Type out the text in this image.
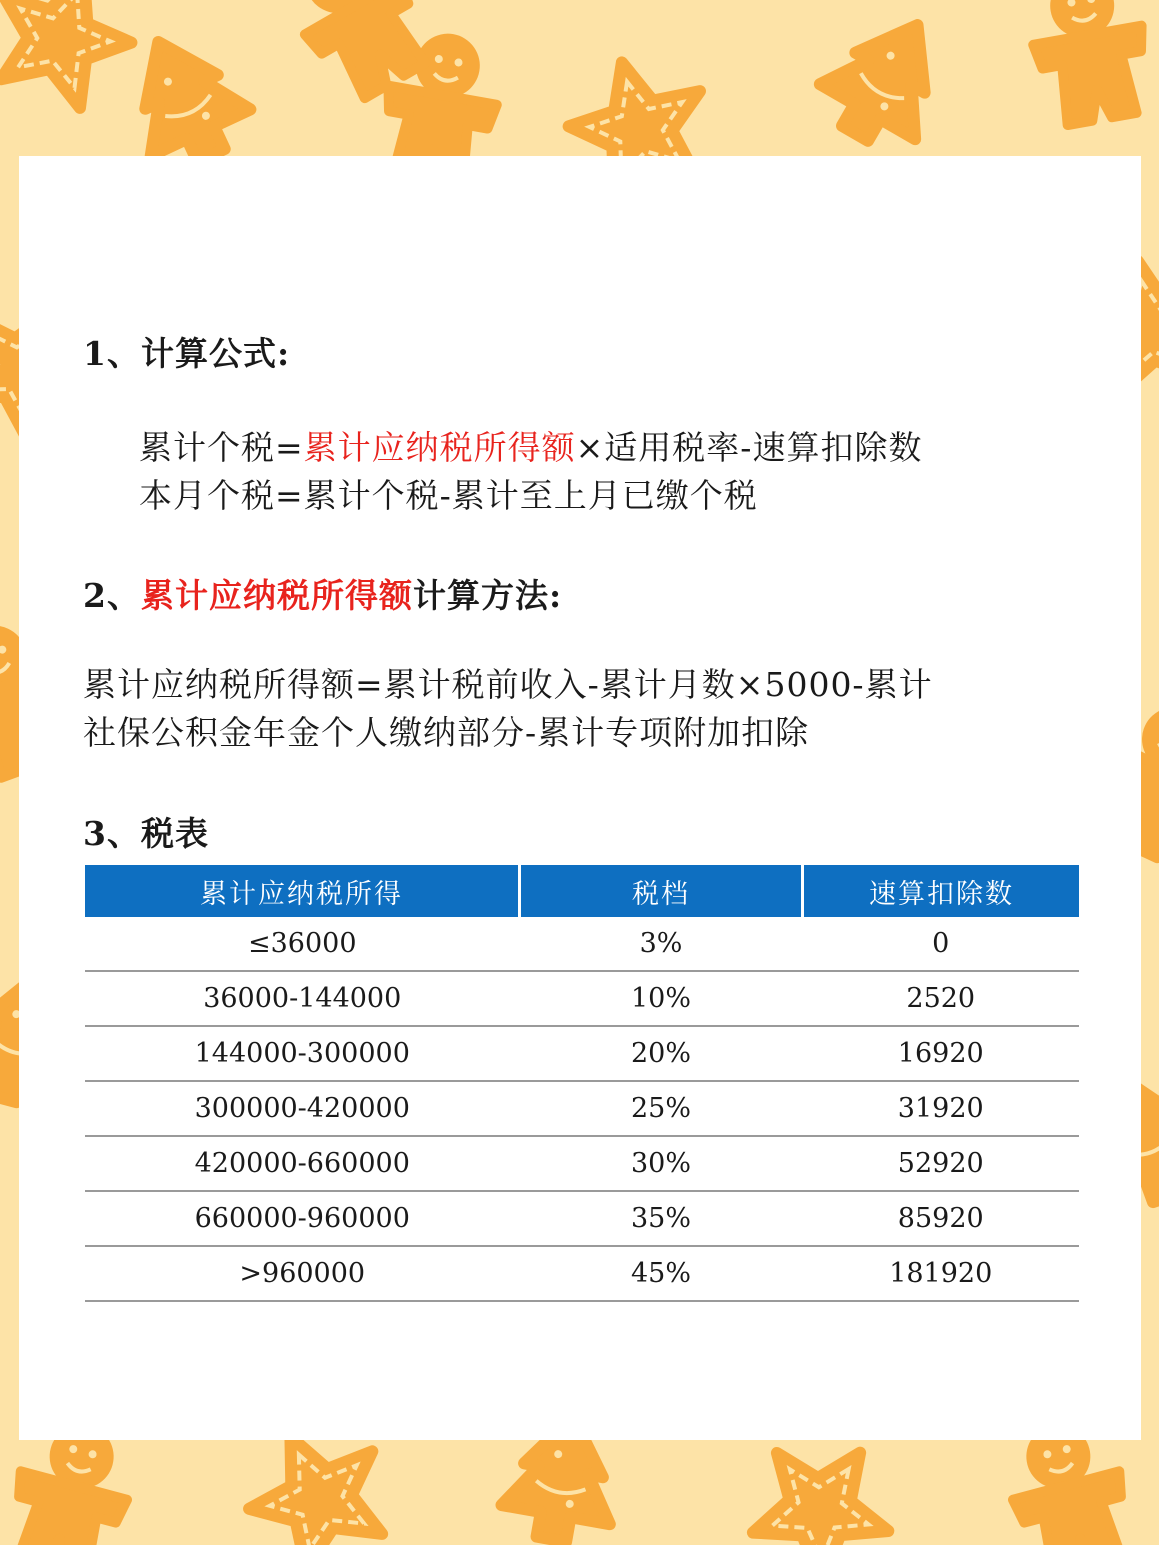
1、计算公式:
累计个税=累计应纳税所得额×适用税率-速算扣除数
本月个税=累计个税-累计至上月已缴个税
2、累计应纳税所得额计算方法:
累计应纳税所得额=累计税前收入-累计月数×5000-累计
社保公积金年金个人缴纳部分-累计专项附加扣除
3、税表
累计应纳税所得	税档	速算扣除数
≤36000	3%	0
36000-144000	10%	2520
144000-300000	20%	16920
300000-420000	25%	31920
420000-660000	30%	52920
660000-960000	35%	85920
>960000	45%	181920
